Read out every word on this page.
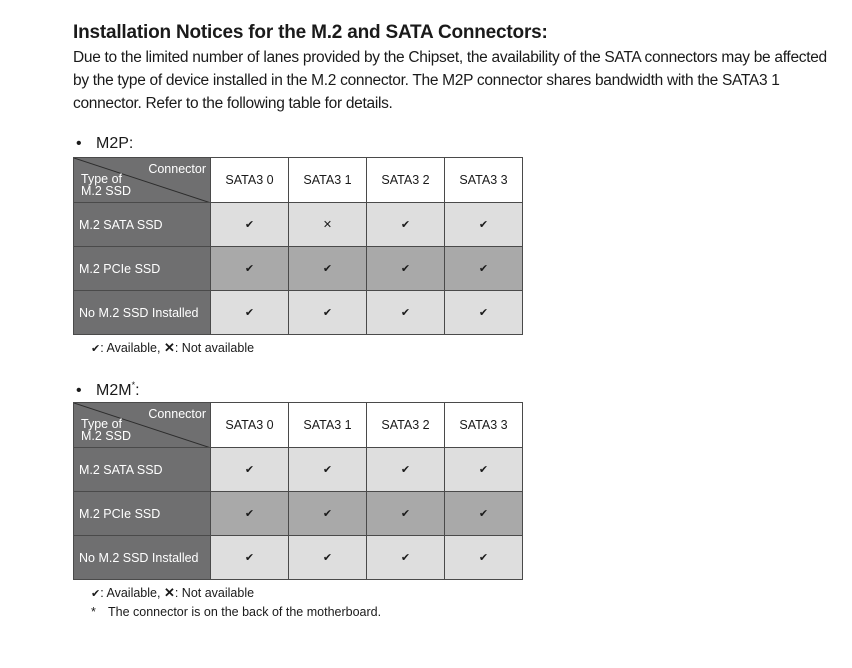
Installation Notices for the M.2 and SATA Connectors:
Due to the limited number of lanes provided by the Chipset, the availability of the SATA connectors may be affected by the type of device installed in the M.2 connector. The M2P connector shares bandwidth with the SATA3 1 connector. Refer to the following table for details.
• M2P:
Connector
Type of M.2 SSD	SATA3 0	SATA3 1	SATA3 2	SATA3 3
M.2 SATA SSD	✔	✕	✔	✔
M.2 PCIe SSD	✔	✔	✔	✔
No M.2 SSD Installed	✔	✔	✔	✔
✔: Available, ✕: Not available
• M2M*:
Connector
Type of M.2 SSD	SATA3 0	SATA3 1	SATA3 2	SATA3 3
M.2 SATA SSD	✔	✔	✔	✔
M.2 PCIe SSD	✔	✔	✔	✔
No M.2 SSD Installed	✔	✔	✔	✔
✔: Available, ✕: Not available
* The connector is on the back of the motherboard.
